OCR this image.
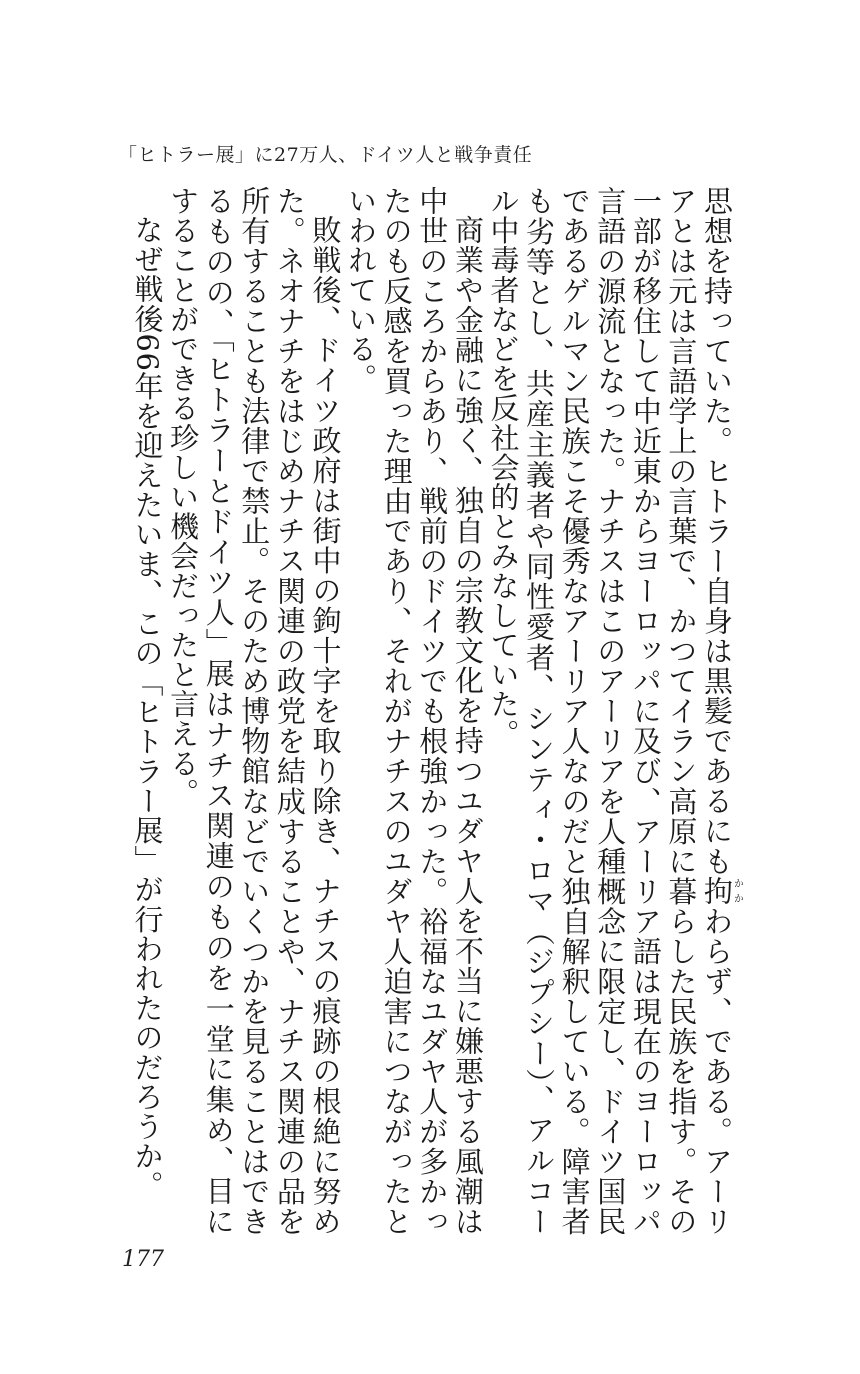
「ヒトラー展」に27万人、ドイツ人と戦争責任

思想を持っていた。ヒトラー自身は黒髪であるにも拘かかわらず、である。アーリアとは元は言語学上の言葉で、かつてイラン高原に暮らした民族を指す。その一部が移住して中近東からヨーロッパに及び、アーリア語は現在のヨーロッパ言語の源流となった。ナチスはこのアーリアを人種概念に限定し、ドイツ国民であるゲルマン民族こそ優秀なアーリア人なのだと独自解釈している。障害者も劣等とし、共産主義者や同性愛者、シンティ・ロマ（ジプシー）、アルコール中毒者などを反社会的とみなしていた。

商業や金融に強く、独自の宗教文化を持つユダヤ人を不当に嫌悪する風潮は中世のころからあり、戦前のドイツでも根強かった。裕福なユダヤ人が多かったのも反感を買った理由であり、それがナチスのユダヤ人迫害につながったといわれている。

敗戦後、ドイツ政府は街中の鉤十字を取り除き、ナチスの痕跡の根絶に努めた。ネオナチをはじめナチス関連の政党を結成することや、ナチス関連の品を所有することも法律で禁止。そのため博物館などでいくつかを見ることはできるものの、「ヒトラーとドイツ人」展はナチス関連のものを一堂に集め、目にすることができる珍しい機会だったと言える。

なぜ戦後66年を迎えたいま、この「ヒトラー展」が行われたのだろうか。

177
